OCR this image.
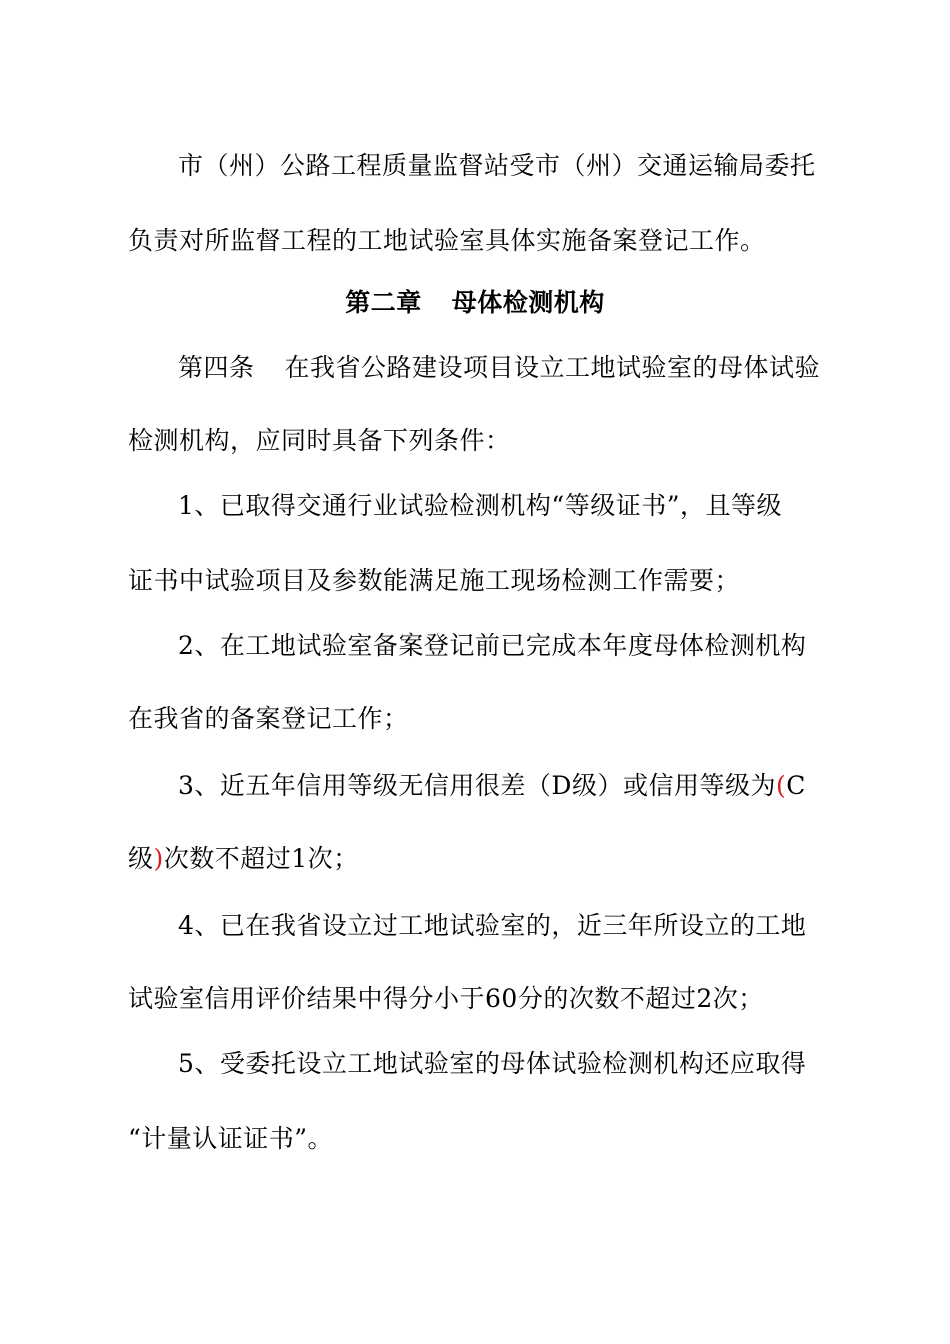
市（州）公路工程质量监督站受市（州）交通运输局委托
负责对所监督工程的工地试验室具体实施备案登记工作。
第二章 母体检测机构
第四条 在我省公路建设项目设立工地试验室的母体试验
检测机构，应同时具备下列条件：
1、已取得交通行业试验检测机构“等级证书”，且等级
证书中试验项目及参数能满足施工现场检测工作需要；
2、在工地试验室备案登记前已完成本年度母体检测机构
在我省的备案登记工作；
3、近五年信用等级无信用很差（D级）或信用等级为(C
级)次数不超过1次；
4、已在我省设立过工地试验室的，近三年所设立的工地
试验室信用评价结果中得分小于60分的次数不超过2次；
5、受委托设立工地试验室的母体试验检测机构还应取得
“计量认证证书”。
